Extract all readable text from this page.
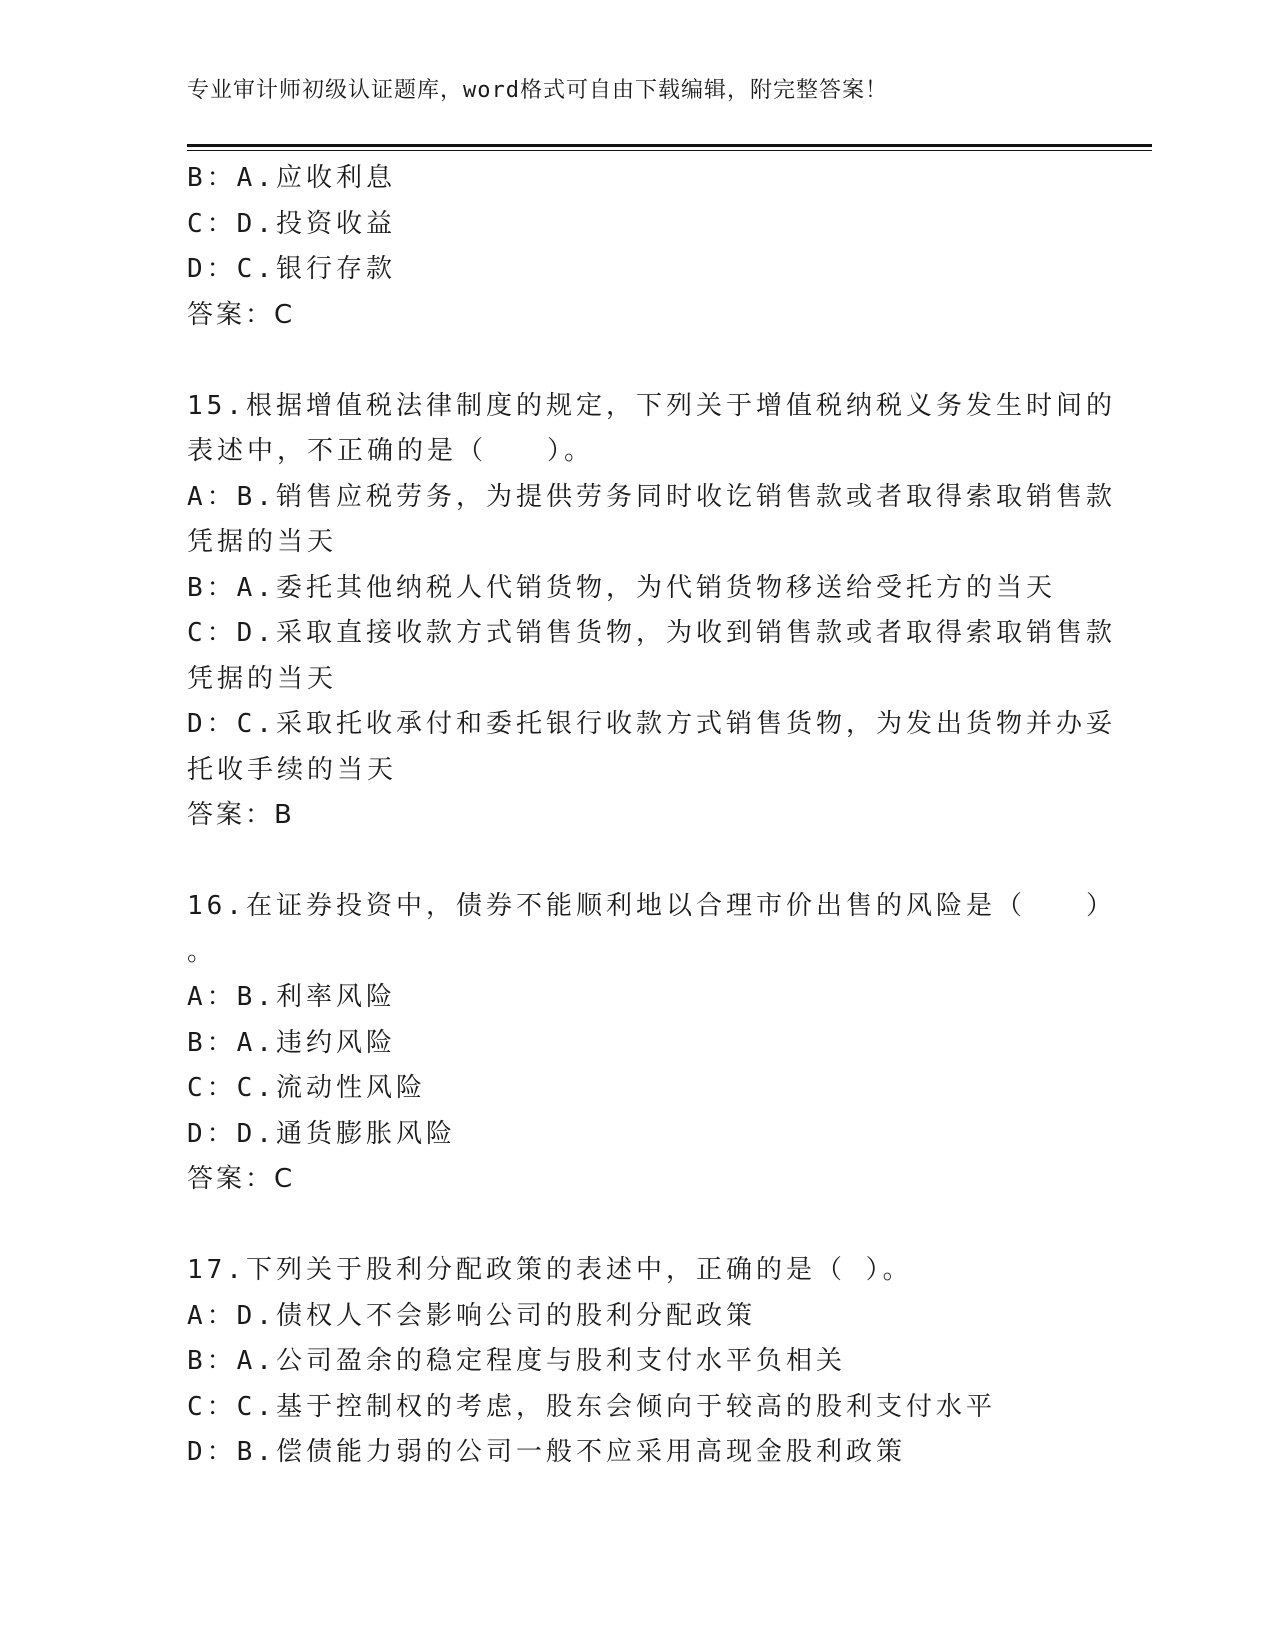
专业审计师初级认证题库，word格式可自由下载编辑，附完整答案！
B：A.应收利息
C：D.投资收益
D：C.银行存款
答案：C
15.根据增值税法律制度的规定，下列关于增值税纳税义务发生时间的
表述中，不正确的是（　　）。
A：B.销售应税劳务，为提供劳务同时收讫销售款或者取得索取销售款
凭据的当天
B：A.委托其他纳税人代销货物，为代销货物移送给受托方的当天
C：D.采取直接收款方式销售货物，为收到销售款或者取得索取销售款
凭据的当天
D：C.采取托收承付和委托银行收款方式销售货物，为发出货物并办妥
托收手续的当天
答案：B
16.在证券投资中，债券不能顺利地以合理市价出售的风险是（　　）
。
A：B.利率风险
B：A.违约风险
C：C.流动性风险
D：D.通货膨胀风险
答案：C
17.下列关于股利分配政策的表述中，正确的是（ ）。
A：D.债权人不会影响公司的股利分配政策
B：A.公司盈余的稳定程度与股利支付水平负相关
C：C.基于控制权的考虑，股东会倾向于较高的股利支付水平
D：B.偿债能力弱的公司一般不应采用高现金股利政策
